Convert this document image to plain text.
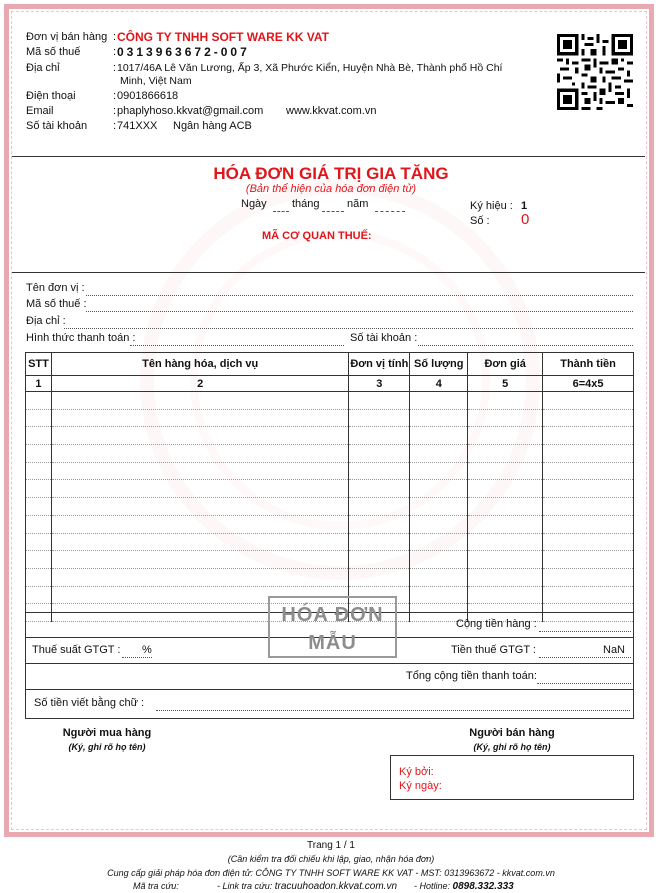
Đơn vị bán hàng : CÔNG TY TNHH SOFT WARE KK VAT
Mã số thuế	: 0313963672-007
Địa chỉ	: 1017/46A Lê Văn Lương, Ấp 3, Xã Phước Kiển, Huyện Nhà Bè, Thành phố Hồ Chí
Minh, Việt Nam
Điện thoại	: 0901866618
Email	: phaplyhoso.kkvat@gmail.com www.kkvat.com.vn
Số tài khoản : 741XXX Ngân hàng ACB
HÓA ĐƠN GIÁ TRỊ GIA TĂNG
(Bản thể hiện của hóa đơn điện tử)
Ngày tháng năm	Ký hiệu : 1
Số : 0
MÃ CƠ QUAN THUẾ:
Tên đơn vị :
Mã số thuế :
Địa chỉ :
Hình thức thanh toán :	Số tài khoản :
STT	Tên hàng hóa, dịch vụ	Đơn vị tính	Số lượng	Đơn giá	Thành tiền
1	2	3	4	5	6=4x5

Cộng tiền hàng :
Thuế suất GTGT : %	Tiền thuế GTGT :	NaN
Tổng cộng tiền thanh toán:
Số tiền viết bằng chữ :
HÓA ĐƠN
MẪU
Người mua hàng
(Ký, ghi rõ họ tên)
Người bán hàng
(Ký, ghi rõ họ tên)
Ký bởi:
Ký ngày:
Trang 1 / 1
(Cần kiểm tra đối chiếu khi lập, giao, nhận hóa đơn)
Cung cấp giải pháp hóa đơn điện tử: CÔNG TY TNHH SOFT WARE KK VAT - MST: 0313963672 - kkvat.com.vn
Mã tra cứu:	- Link tra cứu: tracuuhoadon.kkvat.com.vn - Hotline: 0898.332.333
